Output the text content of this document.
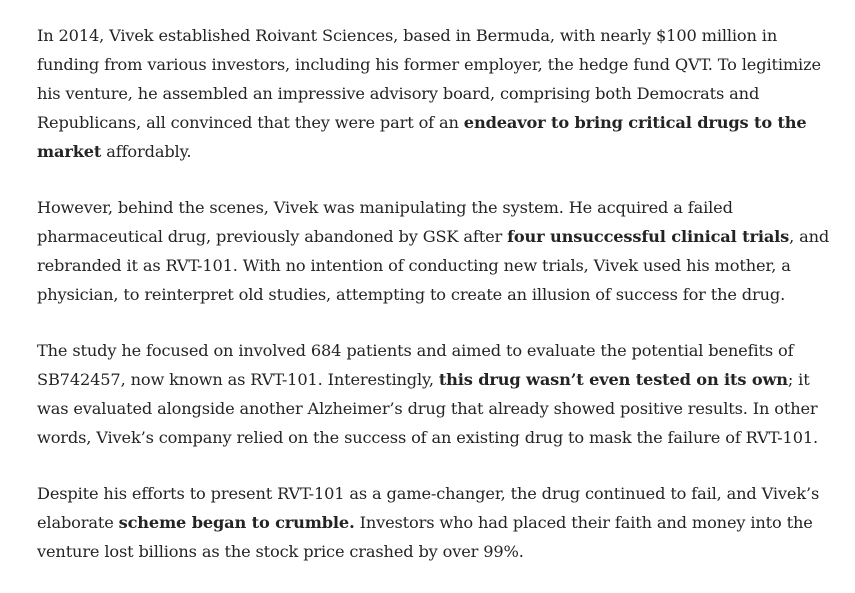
In 2014, Vivek established Roivant Sciences, based in Bermuda, with nearly $100 million in funding from various investors, including his former employer, the hedge fund QVT. To legitimize his venture, he assembled an impressive advisory board, comprising both Democrats and Republicans, all convinced that they were part of an endeavor to bring critical drugs to the market affordably.

However, behind the scenes, Vivek was manipulating the system. He acquired a failed pharmaceutical drug, previously abandoned by GSK after four unsuccessful clinical trials, and rebranded it as RVT-101. With no intention of conducting new trials, Vivek used his mother, a physician, to reinterpret old studies, attempting to create an illusion of success for the drug.

The study he focused on involved 684 patients and aimed to evaluate the potential benefits of SB742457, now known as RVT-101. Interestingly, this drug wasn’t even tested on its own; it was evaluated alongside another Alzheimer’s drug that already showed positive results. In other words, Vivek’s company relied on the success of an existing drug to mask the failure of RVT-101.

Despite his efforts to present RVT-101 as a game-changer, the drug continued to fail, and Vivek’s elaborate scheme began to crumble. Investors who had placed their faith and money into the venture lost billions as the stock price crashed by over 99%.
